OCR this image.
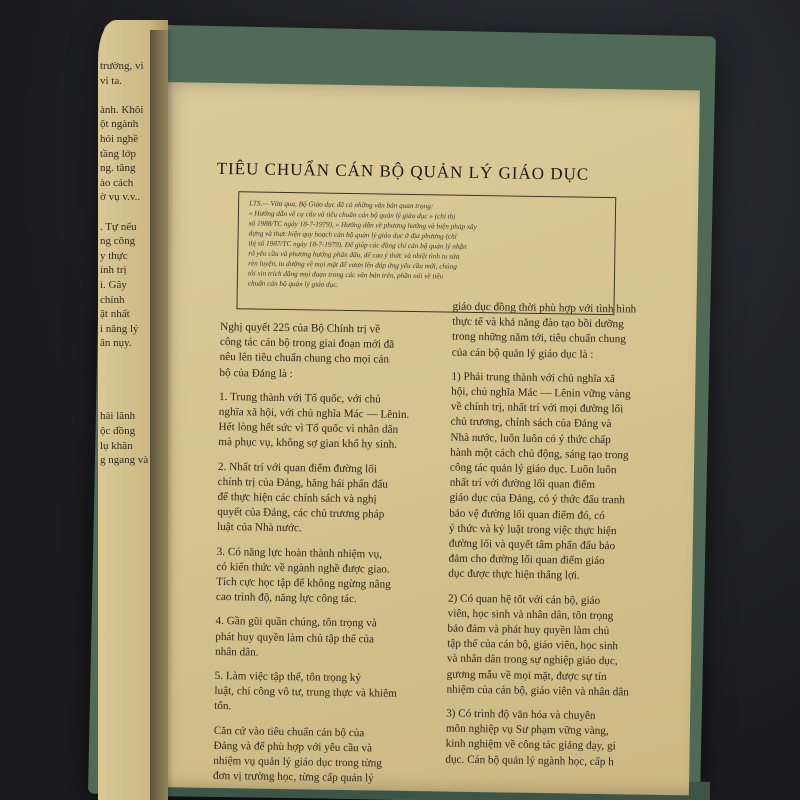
trường, vi
vi ta.
ành. Khôi
ột ngành
hỏi nghề
tầng lớp
ng. tăng
ào cách
ờ vụ v.v..
. Tự nếu
ng công
y thực
ính trị
ì. Gây
chính
ật nhất
ì năng lý
ân nụy.
hải lãnh
ộc đồng
lụ khăn
g ngang và
TIÊU CHUẨN CÁN BỘ QUẢN LÝ GIÁO DỤC
LTS.— Vừa qua, Bộ Giáo dục đã có những văn bản quan trọng:
« Hướng dẫn về cụ cấu và tiêu chuẩn cán bộ quản lý giáo dục » (chỉ thị
số 1988/TC ngày 18-7-1979), « Hướng dẫn về phương hướng và biện pháp xây
dựng và thực hiện quy hoạch cán bộ quản lý giáo dục ở địa phương (chỉ
thị số 1987/TC ngày 18-7-1979). Để giúp các đồng chí cán bộ quản lý nhận
rõ yêu cầu và phương hướng phấn đấu, để cao ý thức và nhiệt tình tu sửa
rèn luyện, tu dưỡng về mọi mặt để vươn lên đáp ứng yêu cầu mới, chúng
tôi xin trích đăng mọi đoạn trong các văn bản trên, phần nói về tiêu
chuẩn cán bộ quản lý giáo dục.

Nghị quyết 225 của Bộ Chính trị về
công tác cán bộ trong giai đoạn mới đã
nêu lên tiêu chuẩn chung cho mọi cán
bộ của Đảng là :

1. Trung thành với Tổ quốc, với chủ
nghĩa xã hội, với chủ nghĩa Mác — Lênin.
Hết lòng hết sức vì Tổ quốc vì nhân dân
mà phục vụ, không sợ gian khổ hy sinh.

2. Nhất trí với quan điểm đường lối
chính trị của Đảng, hăng hái phấn đấu
để thực hiện các chính sách và nghị
quyết của Đảng, các chủ trương pháp
luật của Nhà nước.

3. Có năng lực hoàn thành nhiệm vụ,
có kiến thức về ngành nghề được giao.
Tích cực học tập để không ngừng nâng
cao trình độ, năng lực công tác.

4. Gần gũi quần chúng, tôn trọng và
phát huy quyền làm chủ tập thể của
nhân dân.

5. Làm việc tập thể, tôn trọng kỷ
luật, chí công vô tư, trung thực và khiêm
tốn.

Căn cứ vào tiêu chuẩn cán bộ của
Đảng và để phù hợp với yêu cầu và
nhiệm vụ quản lý giáo dục trong từng
đơn vị trường học, từng cấp quản lý

giáo dục đồng thời phù hợp với tình hình
thực tế và khả năng đào tạo bồi dưỡng
trong những năm tới, tiêu chuẩn chung
của cán bộ quản lý giáo dục là :

1) Phải trung thành với chủ nghĩa xã
hội, chủ nghĩa Mác — Lênin vững vàng
về chính trị, nhất trí với mọi đường lối
chủ trương, chính sách của Đảng và
Nhà nước, luôn luôn có ý thức chấp
hành một cách chủ động, sáng tạo trong
công tác quản lý giáo dục. Luôn luôn
nhất trí với đường lối quan điểm
giáo dục của Đảng, có ý thức đấu tranh
bảo vệ đường lối quan điểm đó, có
ý thức và kỷ luật trong việc thực hiện
đường lối và quyết tâm phấn đấu bảo
đảm cho đường lối quan điểm giáo
dục được thực hiện thắng lợi.

2) Có quan hệ tốt với cán bộ, giáo
viên, học sinh và nhân dân, tôn trọng
bảo đảm và phát huy quyền làm chủ
tập thể của cán bộ, giáo viên, học sinh
và nhân dân trong sự nghiệp giáo dục,
gương mẫu về mọi mặt, được sự tín
nhiệm của cán bộ, giáo viên và nhân dân

3) Có trình độ văn hóa và chuyên
môn nghiệp vụ Sư phạm vững vàng,
kinh nghiệm về công tác giảng dạy, gi
dục. Cán bộ quản lý ngành học, cấp h
